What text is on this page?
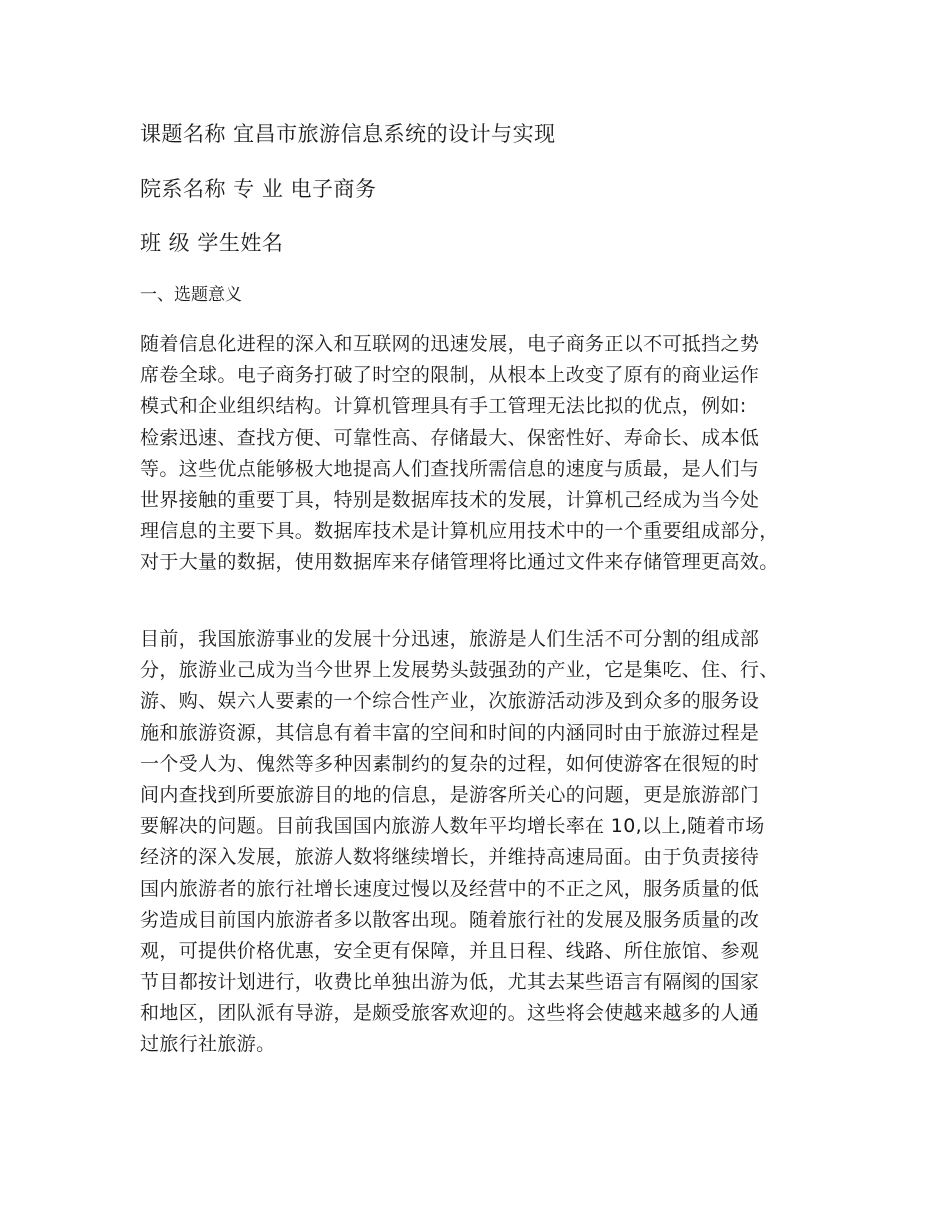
课题名称 宜昌市旅游信息系统的设计与实现
院系名称 专 业 电子商务
班 级 学生姓名
一、选题意义
随着信息化进程的深入和互联网的迅速发展，电子商务正以不可抵挡之势
席卷全球。电子商务打破了时空的限制，从根本上改变了原有的商业运作
模式和企业组织结构。计算机管理具有手工管理无法比拟的优点，例如:
检索迅速、查找方便、可靠性高、存储最大、保密性好、寿命长、成本低
等。这些优点能够极大地提高人们查找所需信息的速度与质最，是人们与
世界接触的重要丁具，特别是数据库技术的发展，计算机己经成为当今处
理信息的主要下具。数据库技术是计算机应用技术中的一个重要组成部分，
对于大量的数据，使用数据库来存储管理将比通过文件来存储管理更高效。
目前，我国旅游事业的发展十分迅速，旅游是人们生活不可分割的组成部
分，旅游业己成为当今世界上发展势头鼓强劲的产业，它是集吃、住、行、
游、购、娱六人要素的一个综合性产业，次旅游活动涉及到众多的服务设
施和旅游资源，其信息有着丰富的空间和时间的内涵同时由于旅游过程是
一个受人为、傀然等多种因素制约的复杂的过程，如何使游客在很短的时
间内查找到所要旅游目的地的信息，是游客所关心的问题，更是旅游部门
要解决的问题。目前我国国内旅游人数年平均增长率在 10,以上,随着市场
经济的深入发展，旅游人数将继续增长，并维持高速局面。由于负责接待
国内旅游者的旅行社增长速度过慢以及经营中的不正之风，服务质量的低
劣造成目前国内旅游者多以散客出现。随着旅行社的发展及服务质量的改
观，可提供价格优惠，安全更有保障，并且日程、线路、所住旅馆、参观
节目都按计划进行，收费比单独出游为低，尤其去某些语言有隔阂的国家
和地区，团队派有导游，是颇受旅客欢迎的。这些将会使越来越多的人通
过旅行社旅游。
